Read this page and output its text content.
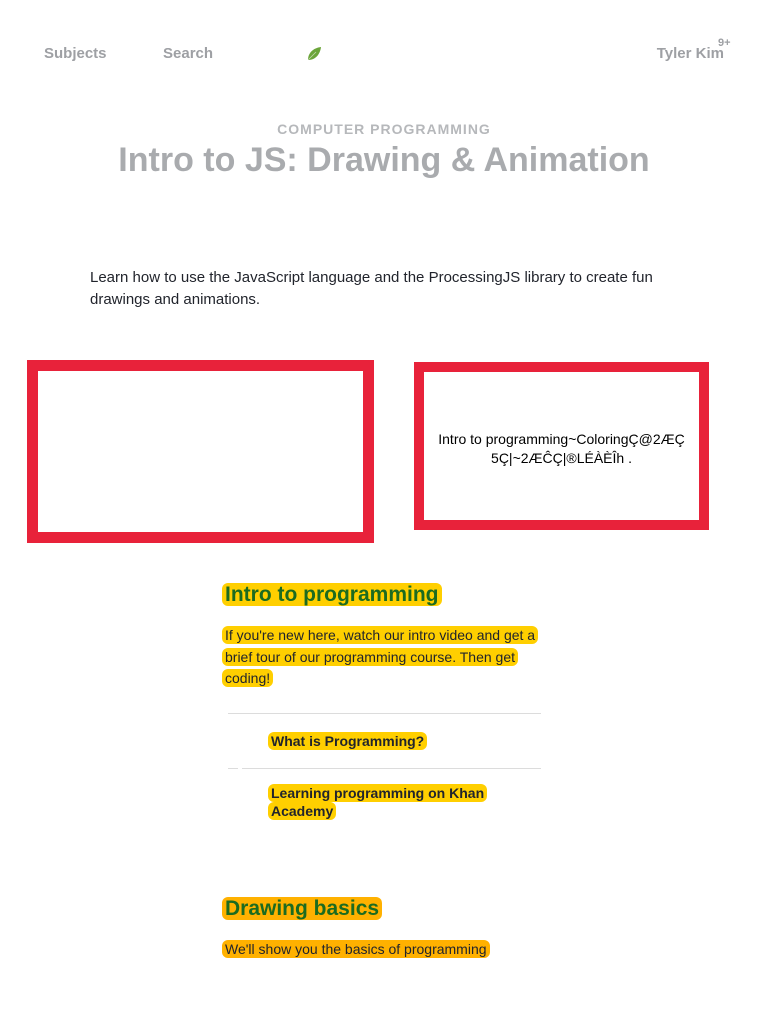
Subjects	Search	Tyler Kim
9+
COMPUTER PROGRAMMING
Intro to JS: Drawing & Animation

Learn how to use the JavaScript language and the ProcessingJS library to create fun drawings and animations.

Intro to programming~ColoringÇ@2ÆÇ
5Ç|~2ÆĈÇ|®LÉÀÈÎh .
Intro to programming

If you're new here, watch our intro video and get a brief tour of our programming course. Then get coding!

What is Programming?
Learning programming on Khan Academy
Drawing basics

We'll show you the basics of programming
